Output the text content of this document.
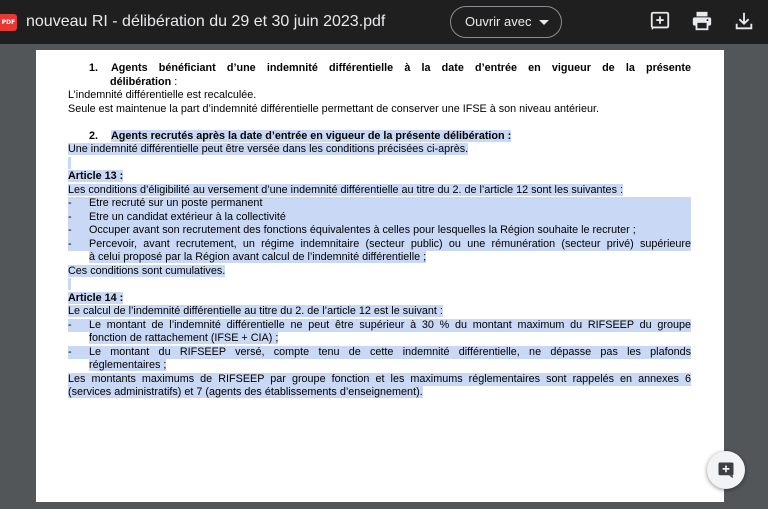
PDF nouveau RI - délibération du 29 et 30 juin 2023.pdf	Ouvrir avec
1. Agents bénéficiant d’une indemnité différentielle à la date d’entrée en vigueur de la présente
délibération :
L’indemnité différentielle est recalculée.
Seule est maintenue la part d’indemnité différentielle permettant de conserver une IFSE à son niveau antérieur.
2. Agents recrutés après la date d’entrée en vigueur de la présente délibération :
Une indemnité différentielle peut être versée dans les conditions précisées ci-après.

Article 13 :
Les conditions d’éligibilité au versement d’une indemnité différentielle au titre du 2. de l’article 12 sont les suivantes :
- Etre recruté sur un poste permanent
- Etre un candidat extérieur à la collectivité
- Occuper avant son recrutement des fonctions équivalentes à celles pour lesquelles la Région souhaite le recruter ;
- Percevoir, avant recrutement, un régime indemnitaire (secteur public) ou une rémunération (secteur privé) supérieure
à celui proposé par la Région avant calcul de l’indemnité différentielle ;
Ces conditions sont cumulatives.

Article 14 :
Le calcul de l’indemnité différentielle au titre du 2. de l’article 12 est le suivant :
- Le montant de l’indemnité différentielle ne peut être supérieur à 30 % du montant maximum du RIFSEEP du groupe
fonction de rattachement (IFSE + CIA) ;
- Le montant du RIFSEEP versé, compte tenu de cette indemnité différentielle, ne dépasse pas les plafonds
réglementaires ;
Les montants maximums de RIFSEEP par groupe fonction et les maximums réglementaires sont rappelés en annexes 6
(services administratifs) et 7 (agents des établissements d’enseignement).
